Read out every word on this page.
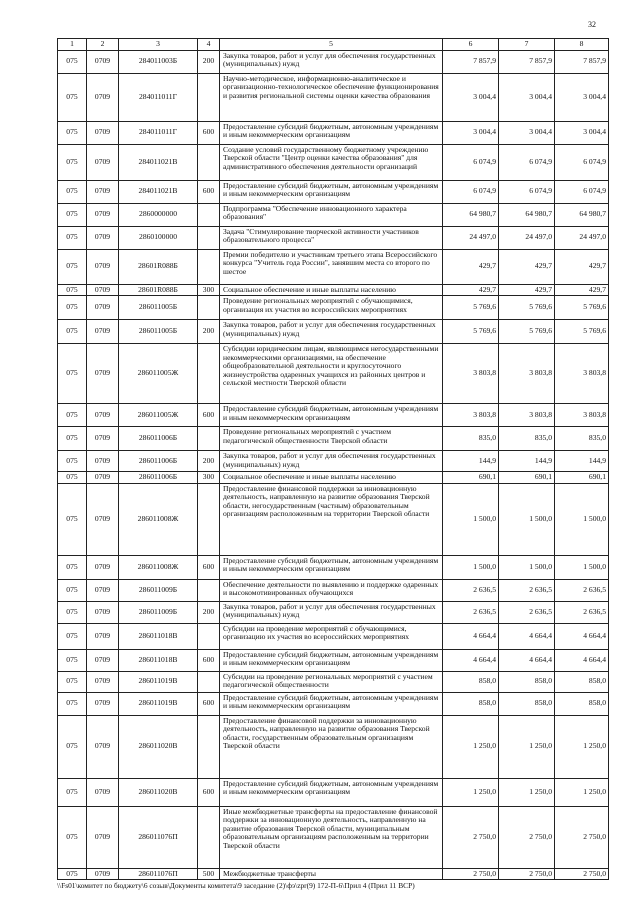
32
1	2	3	4	5	6	7	8
075	0709	284011003Б	200	Закупка товаров, работ и услуг для обеспечения государственных (муниципальных) нужд	7 857,9	7 857,9	7 857,9
075	0709	284011011Г		Научно-методическое, информационно-аналитическое и организационно-технологическое обеспечение функционирования и развития региональной системы оценки качества образования	3 004,4	3 004,4	3 004,4
075	0709	284011011Г	600	Предоставление субсидий бюджетным, автономным учреждениям и иным некоммерческим организациям	3 004,4	3 004,4	3 004,4
075	0709	284011021В		Создание условий государственному бюджетному учреждению Тверской области "Центр оценки качества образования" для административного обеспечения деятельности организаций	6 074,9	6 074,9	6 074,9
075	0709	284011021В	600	Предоставление субсидий бюджетным, автономным учреждениям и иным некоммерческим организациям	6 074,9	6 074,9	6 074,9
075	0709	2860000000		Подпрограмма "Обеспечение инновационного характера образования"	64 980,7	64 980,7	64 980,7
075	0709	2860100000		Задача "Стимулирование творческой активности участников образовательного процесса"	24 497,0	24 497,0	24 497,0
075	0709	28601R088Б		Премии победителю и участникам третьего этапа Всероссийского конкурса "Учитель года России", занявшим места со второго по шестое	429,7	429,7	429,7
075	0709	28601R088Б	300	Социальное обеспечение и иные выплаты населению	429,7	429,7	429,7
075	0709	286011005Б		Проведение региональных мероприятий с обучающимися, организация их участия во всероссийских мероприятиях	5 769,6	5 769,6	5 769,6
075	0709	286011005Б	200	Закупка товаров, работ и услуг для обеспечения государственных (муниципальных) нужд	5 769,6	5 769,6	5 769,6
075	0709	286011005Ж		Субсидии юридическим лицам, являющимся негосударственными некоммерческими организациями, на обеспечение общеобразовательной деятельности и круглосуточного жизнеустройства одаренных учащихся из районных центров и сельской местности Тверской области	3 803,8	3 803,8	3 803,8
075	0709	286011005Ж	600	Предоставление субсидий бюджетным, автономным учреждениям и иным некоммерческим организациям	3 803,8	3 803,8	3 803,8
075	0709	286011006Б		Проведение региональных мероприятий с участием педагогической общественности Тверской области	835,0	835,0	835,0
075	0709	286011006Б	200	Закупка товаров, работ и услуг для обеспечения государственных (муниципальных) нужд	144,9	144,9	144,9
075	0709	286011006Б	300	Социальное обеспечение и иные выплаты населению	690,1	690,1	690,1
075	0709	286011008Ж		Предоставление финансовой поддержки за инновационную деятельность, направленную на развитие образования Тверской области, негосударственным (частным) образовательным организациям расположенным на территории Тверской области	1 500,0	1 500,0	1 500,0
075	0709	286011008Ж	600	Предоставление субсидий бюджетным, автономным учреждениям и иным некоммерческим организациям	1 500,0	1 500,0	1 500,0
075	0709	286011009Б		Обеспечение деятельности по выявлению и поддержке одаренных и высокомотивированных обучающихся	2 636,5	2 636,5	2 636,5
075	0709	286011009Б	200	Закупка товаров, работ и услуг для обеспечения государственных (муниципальных) нужд	2 636,5	2 636,5	2 636,5
075	0709	286011018В		Субсидии на проведение мероприятий с обучающимися, организацию их участия во всероссийских мероприятиях	4 664,4	4 664,4	4 664,4
075	0709	286011018В	600	Предоставление субсидий бюджетным, автономным учреждениям и иным некоммерческим организациям	4 664,4	4 664,4	4 664,4
075	0709	286011019В		Субсидии на проведение региональных мероприятий с участием педагогической общественности	858,0	858,0	858,0
075	0709	286011019В	600	Предоставление субсидий бюджетным, автономным учреждениям и иным некоммерческим организациям	858,0	858,0	858,0
075	0709	286011020В		Предоставление финансовой поддержки за инновационную деятельность, направленную на развитие образования Тверской области, государственным образовательным организациям Тверской области	1 250,0	1 250,0	1 250,0
075	0709	286011020В	600	Предоставление субсидий бюджетным, автономным учреждениям и иным некоммерческим организациям	1 250,0	1 250,0	1 250,0
075	0709	286011076П		Иные межбюджетные трансферты на предоставление финансовой поддержки за инновационную деятельность, направленную на развитие образования Тверской области, муниципальным образовательным организациям расположенным на территории Тверской области	2 750,0	2 750,0	2 750,0
075	0709	286011076П	500	Межбюджетные трансферты	2 750,0	2 750,0	2 750,0
\\Fs01\комитет по бюджету\6 созыв\Документы комитета\9 заседание (2)\фэ\zpr(9) 172-П-6\Прил 4 (Прил 11 ВСР)
